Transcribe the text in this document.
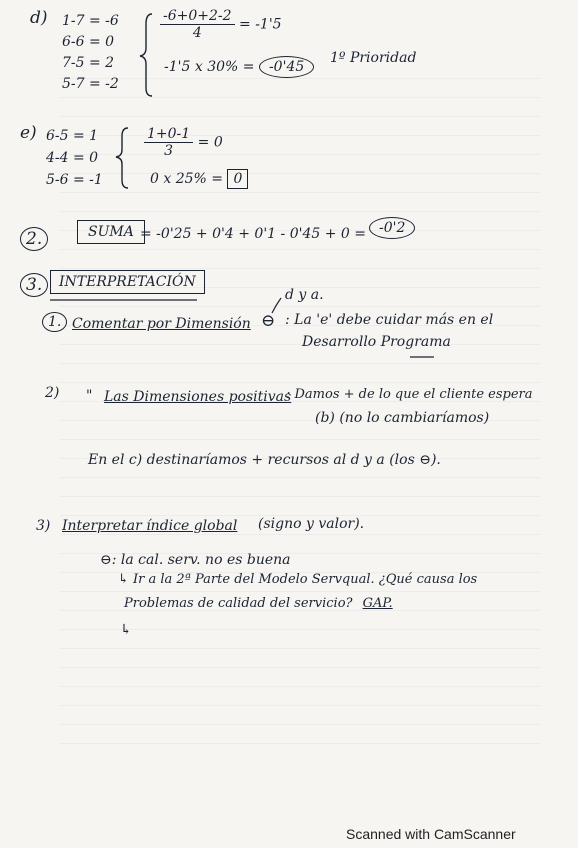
d) 1-7 = -6
6-6 = 0
7-5 = 2
5-7 = -2
$\frac{-6+0+2-2}{4} = -1'5$
-1'5 x 30% = -0'45
1º Prioridad
e) 6-5 = 1
4-4 = 0
5-6 = -1
$\frac{1+0-1}{3} = 0$
0 x 25% = 0
2.	SUMA = -0'25 + 0'4 + 0'1 - 0'45 + 0 = -0'2
3.	INTERPRETACIÓN
d y a.
1. Comentar por Dimensión ⊖ : La 'e' debe cuidar más en el
Desarrollo Programa
2) " Las Dimensiones positivas
: Damos + de lo que el cliente espera
(b) (no lo cambiaríamos)
En el c) destinaríamos + recursos al d y a (los ⊖).
3) Interpretar índice global (signo y valor).
⊖: la cal. serv. no es buena
↳ Ir a la 2ª Parte del Modelo Servqual. ¿Qué causa los
Problemas de calidad del servicio? GAP.
↳
Scanned with CamScanner
